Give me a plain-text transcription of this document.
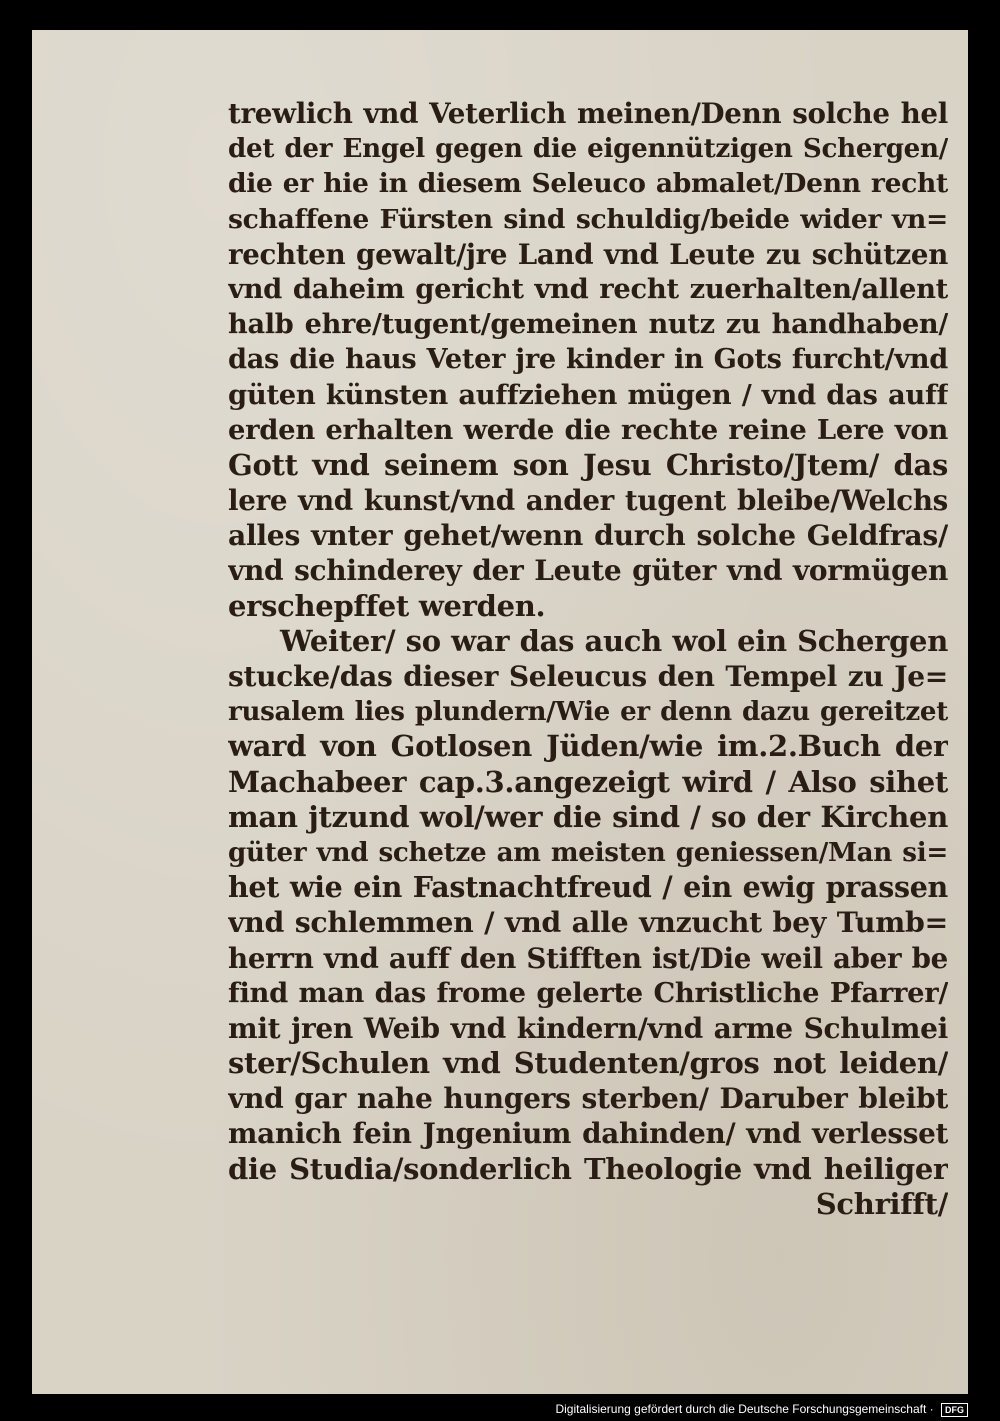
trewlich vnd Veterlich meinen/Denn solche hel
det der Engel gegen die eigennützigen Schergen/
die er hie in diesem Seleuco abmalet/Denn recht
schaffene Fürsten sind schuldig/beide wider vn=
rechten gewalt/jre Land vnd Leute zu schützen
vnd daheim gericht vnd recht zuerhalten/allent
halb ehre/tugent/gemeinen nutz zu handhaben/
das die haus Veter jre kinder in Gots furcht/vnd
güten künsten auffziehen mügen / vnd das auff
erden erhalten werde die rechte reine Lere von
Gott vnd seinem son Jesu Christo/Jtem/ das
lere vnd kunst/vnd ander tugent bleibe/Welchs
alles vnter gehet/wenn durch solche Geldfras/
vnd schinderey der Leute güter vnd vormügen
erschepffet werden.
Weiter/ so war das auch wol ein Schergen
stucke/das dieser Seleucus den Tempel zu Je=
rusalem lies plundern/Wie er denn dazu gereitzet
ward von Gotlosen Jüden/wie im.2.Buch der
Machabeer cap.3.angezeigt wird / Also sihet
man jtzund wol/wer die sind / so der Kirchen
güter vnd schetze am meisten geniessen/Man si=
het wie ein Fastnachtfreud / ein ewig prassen
vnd schlemmen / vnd alle vnzucht bey Tumb=
herrn vnd auff den Stifften ist/Die weil aber be
find man das frome gelerte Christliche Pfarrer/
mit jren Weib vnd kindern/vnd arme Schulmei
ster/Schulen vnd Studenten/gros not leiden/
vnd gar nahe hungers sterben/ Daruber bleibt
manich fein Jngenium dahinden/ vnd verlesset
die Studia/sonderlich Theologie vnd heiliger
Schrifft/
Digitalisierung gefördert durch die Deutsche Forschungsgemeinschaft · DFG
